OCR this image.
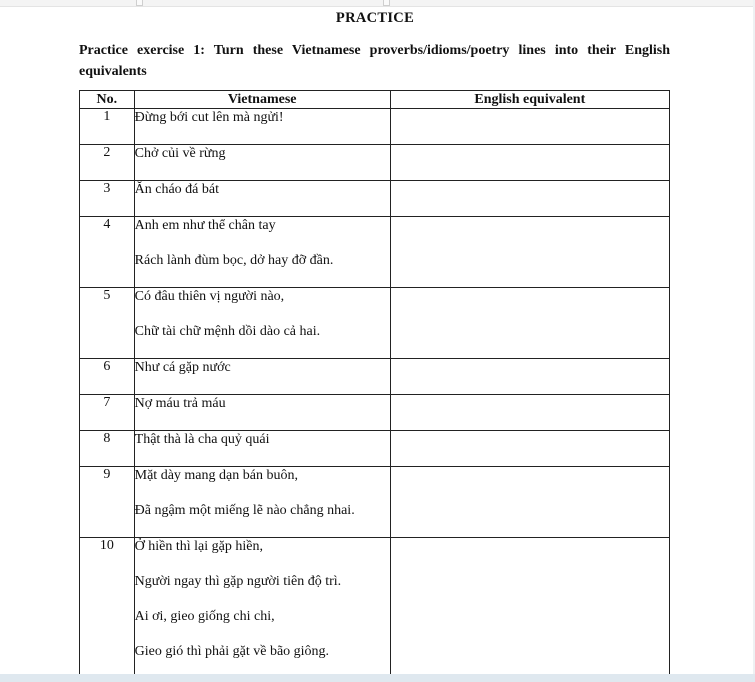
PRACTICE
Practice exercise 1: Turn these Vietnamese proverbs/idioms/poetry lines into their English equivalents
No.	Vietnamese	English equivalent
1	Đừng bới cut lên mà ngửi!	

2	Chở củi về rừng	

3	Ăn cháo đá bát	

4	Anh em như thể chân tay
Rách lành đùm bọc, dở hay đỡ đần.	

5	Có đâu thiên vị người nào,
Chữ tài chữ mệnh dồi dào cả hai.	

6	Như cá gặp nước	

7	Nợ máu trả máu	

8	Thật thà là cha quỷ quái	

9	Mặt dày mang dạn bán buôn,
Đã ngậm một miếng lẽ nào chẳng nhai.	

10	Ở hiền thì lại gặp hiền,
Người ngay thì gặp người tiên độ trì.
Ai ơi, gieo giống chi chi,
Gieo gió thì phải gặt về bão giông.	
